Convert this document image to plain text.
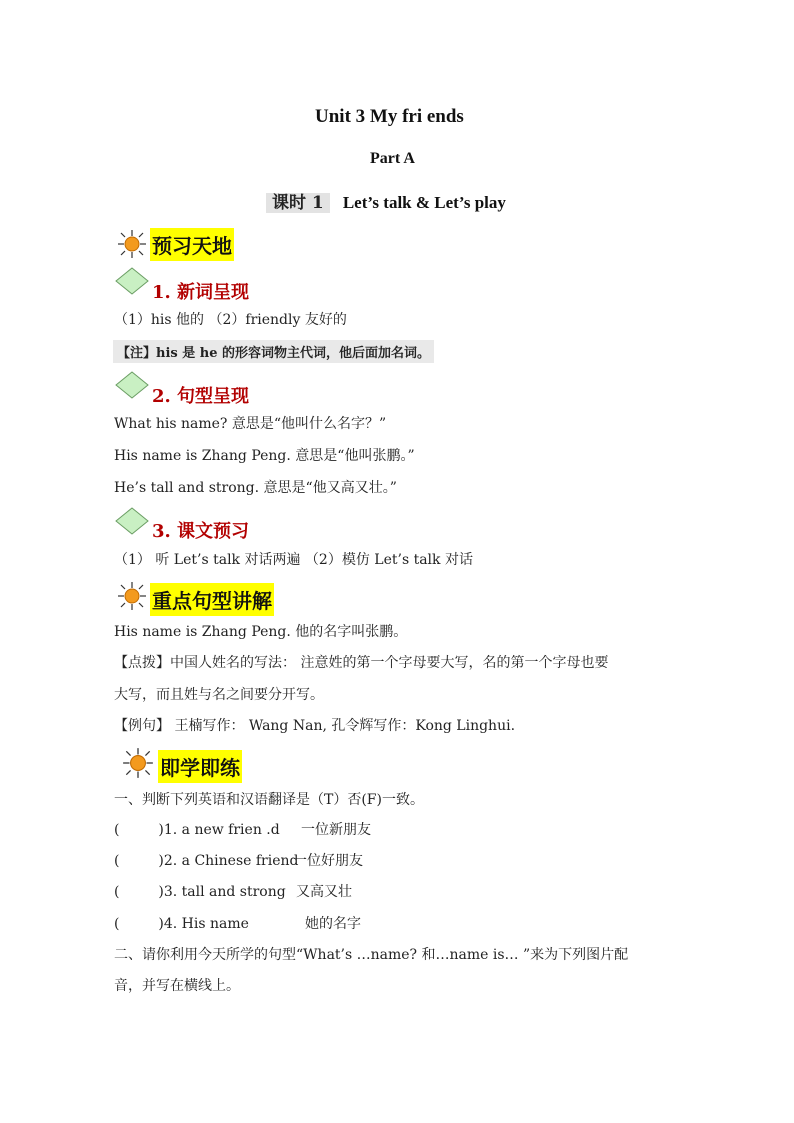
Unit 3 My fri ends
Part A
课时 1 Let’s talk & Let’s play
预习天地
1. 新词呈现
（1）his 他的 （2）friendly 友好的
【注】his 是 he 的形容词物主代词，他后面加名词。
2. 句型呈现
What his name? 意思是“他叫什么名字？”
His name is Zhang Peng. 意思是“他叫张鹏。”
He’s tall and strong. 意思是“他又高又壮。”
3. 课文预习
（1） 听 Let’s talk 对话两遍 （2）模仿 Let’s talk 对话
重点句型讲解
His name is Zhang Peng. 他的名字叫张鹏。
【点拨】中国人姓名的写法： 注意姓的第一个字母要大写，名的第一个字母也要
大写，而且姓与名之间要分开写。
【例句】 王楠写作： Wang Nan, 孔令辉写作：Kong Linghui.
即学即练
一、判断下列英语和汉语翻译是（T）否(F)一致。
(	)1. a new frien .d 一位新朋友
(	)2. a Chinese friend
一位好朋友
(	)3. tall and strong 又高又壮
(	)4. His name	她的名字
二、请你利用今天所学的句型“What’s …name? 和…name is… ”来为下列图片配
音，并写在横线上。
